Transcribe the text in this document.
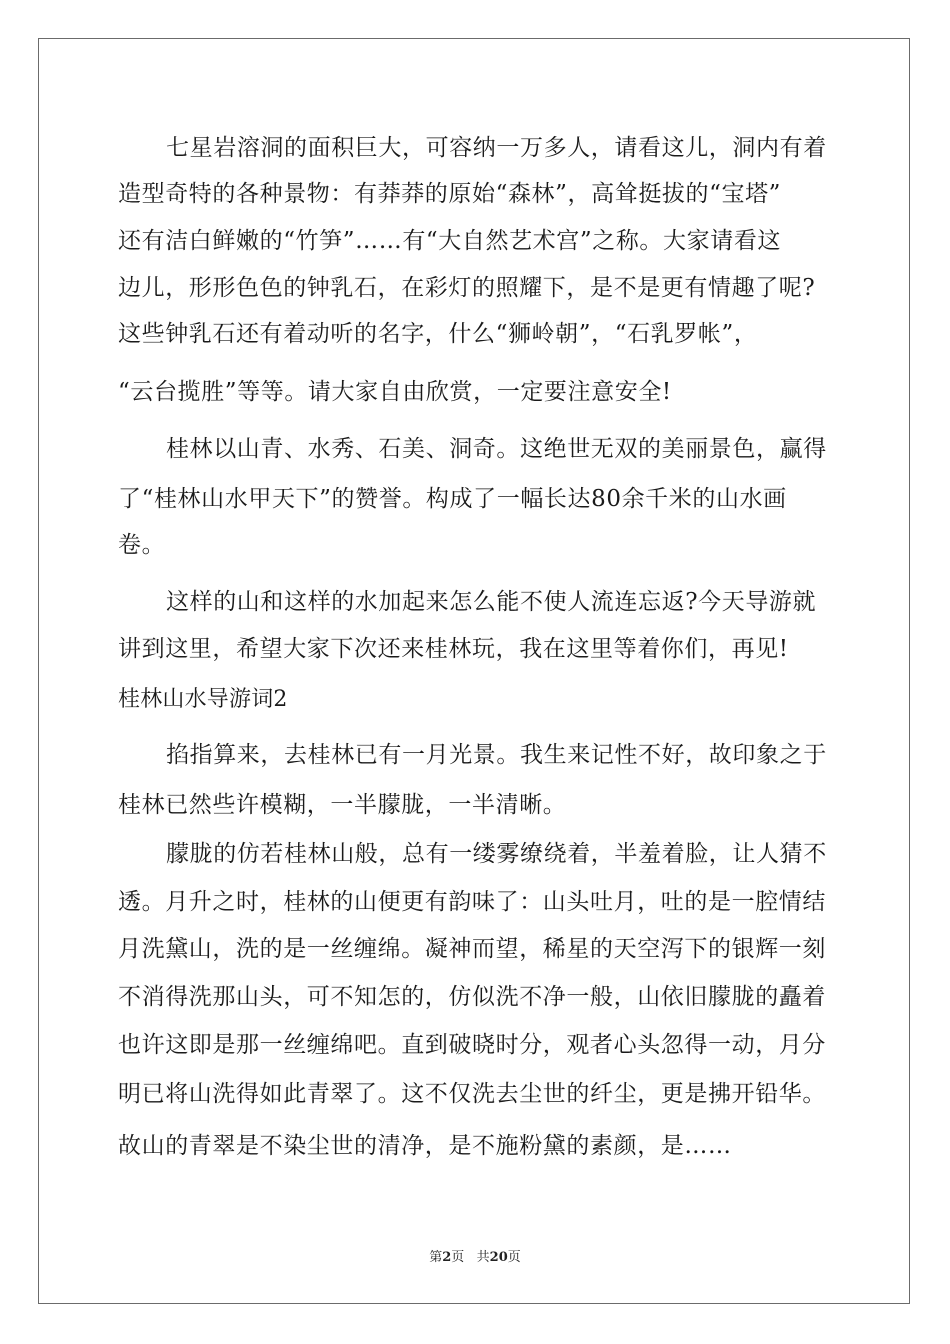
七星岩溶洞的面积巨大，可容纳一万多人，请看这儿，洞内有着
造型奇特的各种景物：有莽莽的原始“森林”，高耸挺拔的“宝塔”
还有洁白鲜嫩的“竹笋”……有“大自然艺术宫”之称。大家请看这
边儿，形形色色的钟乳石，在彩灯的照耀下，是不是更有情趣了呢?
这些钟乳石还有着动听的名字，什么“狮岭朝”，“石乳罗帐”，
“云台揽胜”等等。请大家自由欣赏，一定要注意安全!
桂林以山青、水秀、石美、洞奇。这绝世无双的美丽景色，赢得
了“桂林山水甲天下”的赞誉。构成了一幅长达80余千米的山水画
卷。
这样的山和这样的水加起来怎么能不使人流连忘返?今天导游就
讲到这里，希望大家下次还来桂林玩，我在这里等着你们，再见!
桂林山水导游词2
掐指算来，去桂林已有一月光景。我生来记性不好，故印象之于
桂林已然些许模糊，一半朦胧，一半清晰。
朦胧的仿若桂林山般，总有一缕雾缭绕着，半羞着脸，让人猜不
透。月升之时，桂林的山便更有韵味了：山头吐月，吐的是一腔情结
月洗黛山，洗的是一丝缠绵。凝神而望，稀星的天空泻下的银辉一刻
不消得洗那山头，可不知怎的，仿似洗不净一般，山依旧朦胧的矗着
也许这即是那一丝缠绵吧。直到破晓时分，观者心头忽得一动，月分
明已将山洗得如此青翠了。这不仅洗去尘世的纤尘，更是拂开铅华。
故山的青翠是不染尘世的清净，是不施粉黛的素颜，是……
第2页   共20页
